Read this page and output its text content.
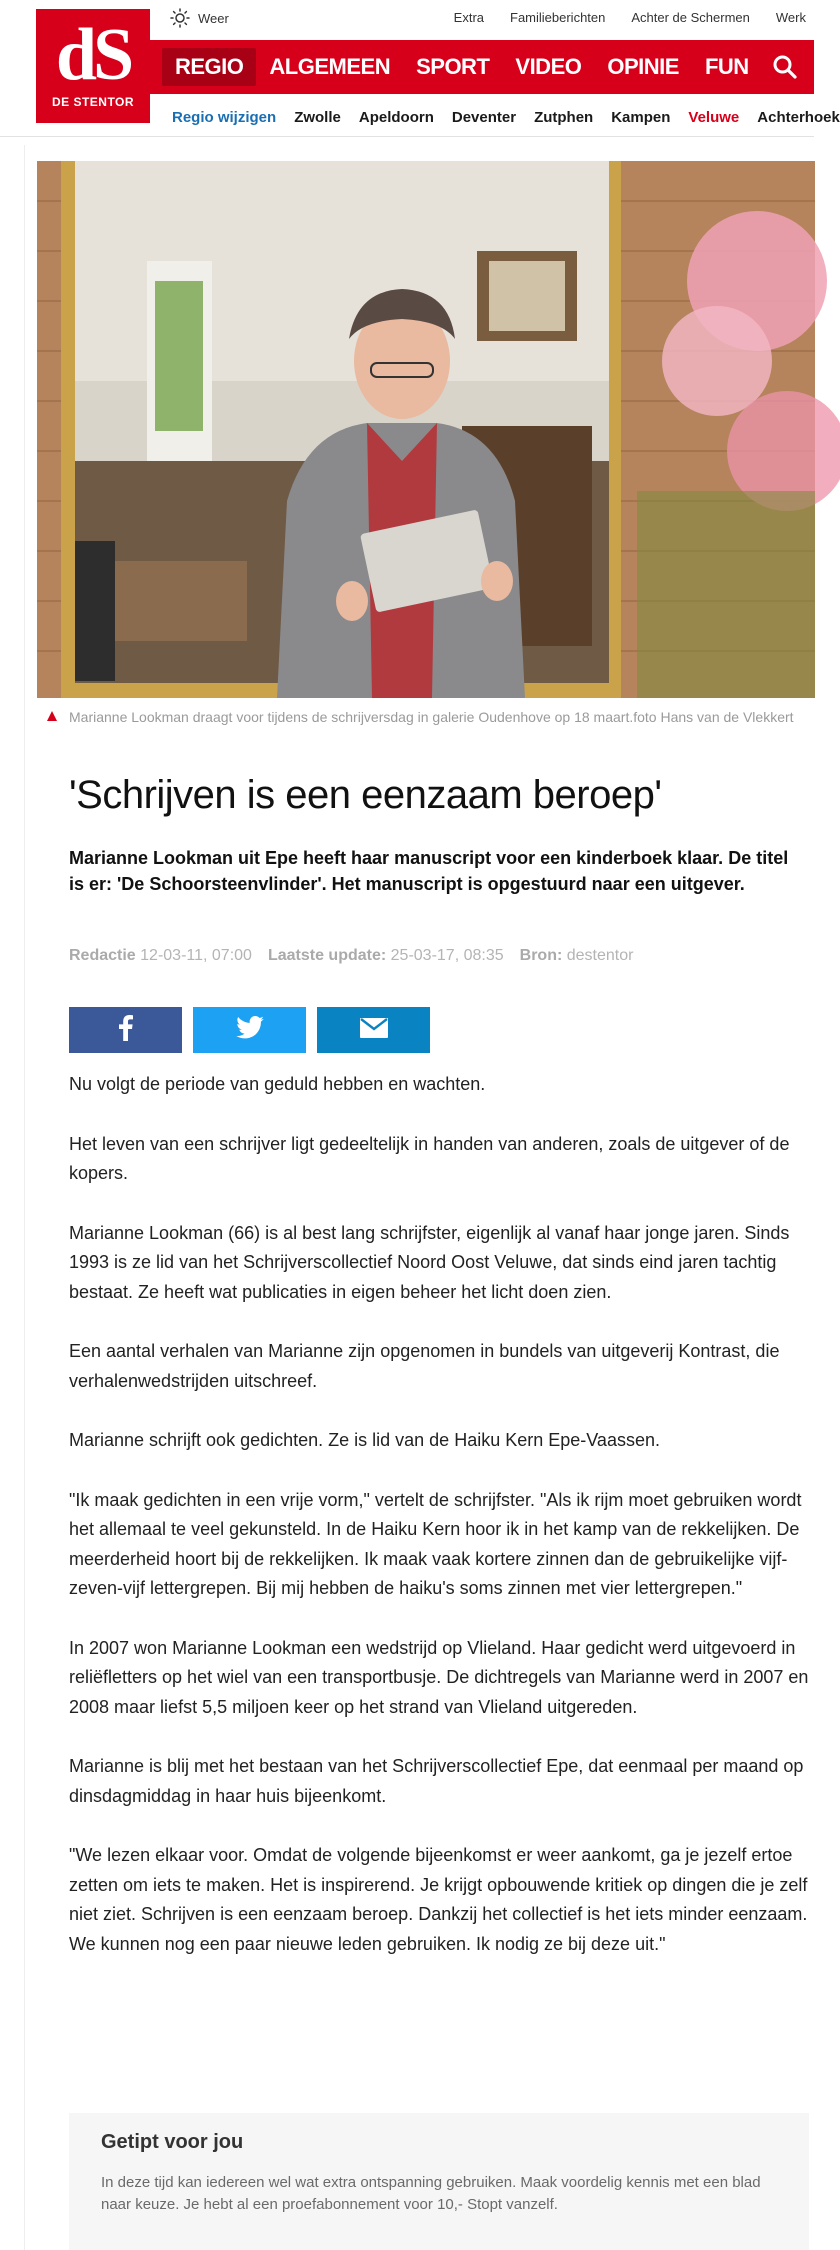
dS
DE STENTOR
Weer	Extra Familieberichten Achter de Schermen Werk
REGIO	ALGEMEEN	SPORT	VIDEO	OPINIE	FUN
Regio wijzigen Zwolle Apeldoorn Deventer Zutphen Kampen Veluwe Achterhoek
Marianne Lookman draagt voor tijdens de schrijversdag in galerie Oudenhove op 18 maart.foto Hans van de Vlekkert
'Schrijven is een eenzaam beroep'

Marianne Lookman uit Epe heeft haar manuscript voor een kinderboek klaar. De titel is er: 'De Schoorsteenvlinder'. Het manuscript is opgestuurd naar een uitgever.

Redactie 12-03-11, 07:00 Laatste update: 25-03-17, 08:35 Bron: destentor

Nu volgt de periode van geduld hebben en wachten.

Het leven van een schrijver ligt gedeeltelijk in handen van anderen, zoals de uitgever of de kopers.

Marianne Lookman (66) is al best lang schrijfster, eigenlijk al vanaf haar jonge jaren. Sinds 1993 is ze lid van het Schrijverscollectief Noord Oost Veluwe, dat sinds eind jaren tachtig bestaat. Ze heeft wat publicaties in eigen beheer het licht doen zien.

Een aantal verhalen van Marianne zijn opgenomen in bundels van uitgeverij Kontrast, die verhalenwedstrijden uitschreef.

Marianne schrijft ook gedichten. Ze is lid van de Haiku Kern Epe-Vaassen.

"Ik maak gedichten in een vrije vorm," vertelt de schrijfster. "Als ik rijm moet gebruiken wordt het allemaal te veel gekunsteld. In de Haiku Kern hoor ik in het kamp van de rekkelijken. De meerderheid hoort bij de rekkelijken. Ik maak vaak kortere zinnen dan de gebruikelijke vijf-zeven-vijf lettergrepen. Bij mij hebben de haiku's soms zinnen met vier lettergrepen."

In 2007 won Marianne Lookman een wedstrijd op Vlieland. Haar gedicht werd uitgevoerd in reliëfletters op het wiel van een transportbusje. De dichtregels van Marianne werd in 2007 en 2008 maar liefst 5,5 miljoen keer op het strand van Vlieland uitgereden.

Marianne is blij met het bestaan van het Schrijverscollectief Epe, dat eenmaal per maand op dinsdagmiddag in haar huis bijeenkomt.

"We lezen elkaar voor. Omdat de volgende bijeenkomst er weer aankomt, ga je jezelf ertoe zetten om iets te maken. Het is inspirerend. Je krijgt opbouwende kritiek op dingen die je zelf niet ziet. Schrijven is een eenzaam beroep. Dankzij het collectief is het iets minder eenzaam. We kunnen nog een paar nieuwe leden gebruiken. Ik nodig ze bij deze uit."

Getipt voor jou

In deze tijd kan iedereen wel wat extra ontspanning gebruiken. Maak voordelig kennis met een blad naar keuze. Je hebt al een proefabonnement voor 10,- Stopt vanzelf.
